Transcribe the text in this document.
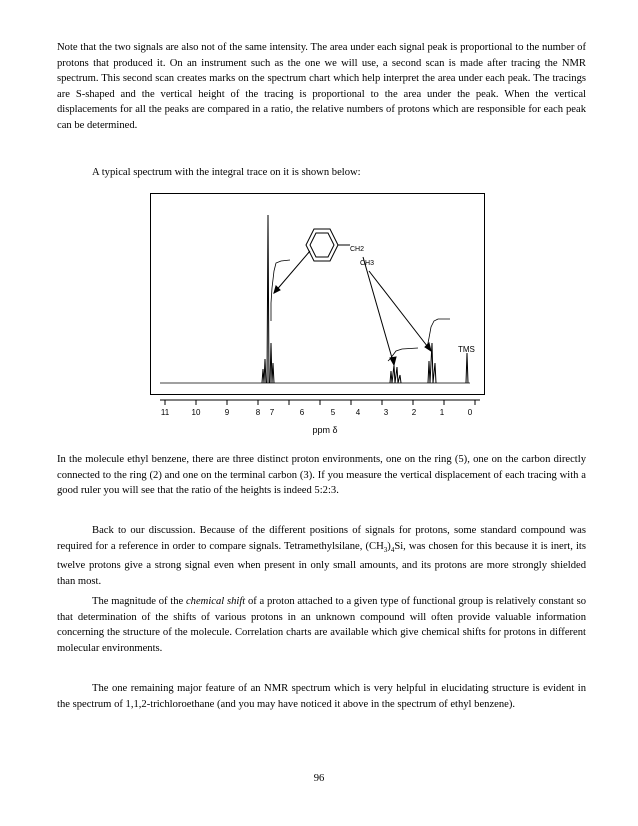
Note that the two signals are also not of the same intensity. The area under each signal peak is proportional to the number of protons that produced it. On an instrument such as the one we will use, a second scan is made after tracing the NMR spectrum. This second scan creates marks on the spectrum chart which help interpret the area under each peak. The tracings are S-shaped and the vertical height of the tracing is proportional to the area under the peak. When the vertical displacements for all the peaks are compared in a ratio, the relative numbers of protons which are responsible for each peak can be determined.

A typical spectrum with the integral trace on it is shown below:

11	10	9	8 7	6	5	4	3	2	1	0
ppm δ
CH2
CH3
TMS

In the molecule ethyl benzene, there are three distinct proton environments, one on the ring (5), one on the carbon directly connected to the ring (2) and one on the terminal carbon (3). If you measure the vertical displacement of each tracing with a good ruler you will see that the ratio of the heights is indeed 5:2:3.

Back to our discussion. Because of the different positions of signals for protons, some standard compound was required for a reference in order to compare signals. Tetramethylsilane, $(CH_3)_4Si$, was chosen for this because it is inert, its twelve protons give a strong signal even when present in only small amounts, and its protons are more strongly shielded than most.

The magnitude of the chemical shift of a proton attached to a given type of functional group is relatively constant so that determination of the shifts of various protons in an unknown compound will often provide valuable information concerning the structure of the molecule. Correlation charts are available which give chemical shifts for protons in different molecular environments.

The one remaining major feature of an NMR spectrum which is very helpful in elucidating structure is evident in the spectrum of 1,1,2-trichloroethane (and you may have noticed it above in the spectrum of ethyl benzene).

96
